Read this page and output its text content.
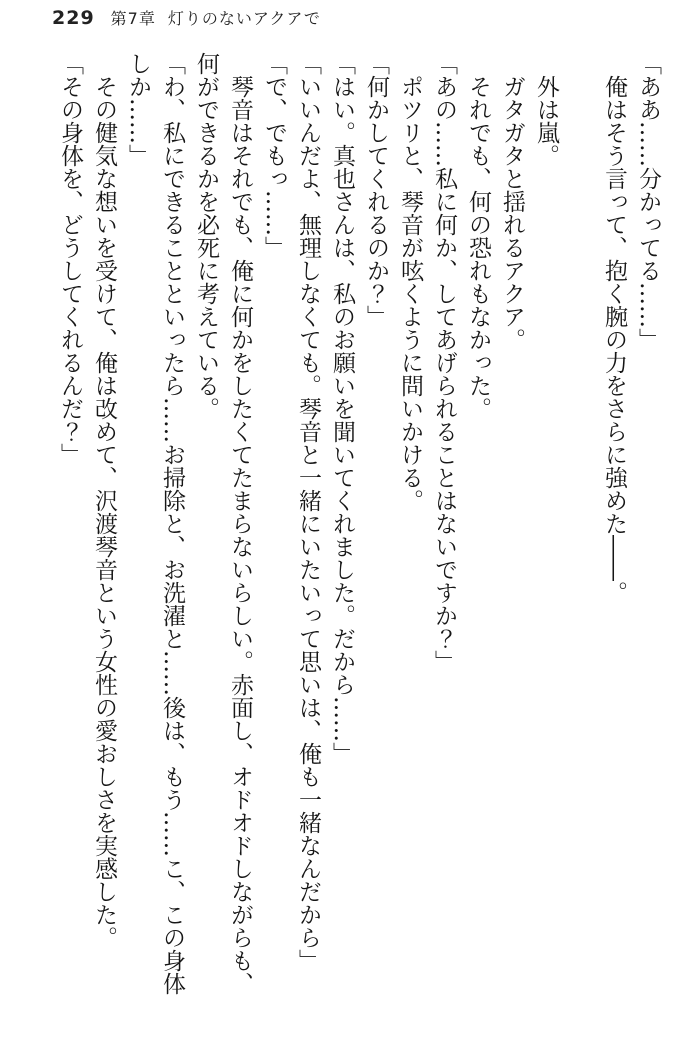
229 第7章 灯りのないアクアで

「ああ……分かってる……」

俺はそう言って、抱く腕の力をさらに強めた――。

外は嵐。

ガタガタと揺れるアクア。

それでも、何の恐れもなかった。

「あの……私に何か、してあげられることはないですか？」

ポツリと、琴音が呟くように問いかける。

「何かしてくれるのか？」

「はい。真也さんは、私のお願いを聞いてくれました。だから……」

「いいんだよ、無理しなくても。琴音と一緒にいたいって思いは、俺も一緒なんだから」

「で、でもっ……」

琴音はそれでも、俺に何かをしたくてたまらないらしい。赤面し、オドオドしながらも、何ができるかを必死に考えている。

「わ、私にできることといったら……お掃除と、お洗濯と……後は、もう……こ、この身体しか……」

その健気な想いを受けて、俺は改めて、沢渡琴音という女性の愛おしさを実感した。

「その身体を、どうしてくれるんだ？」
